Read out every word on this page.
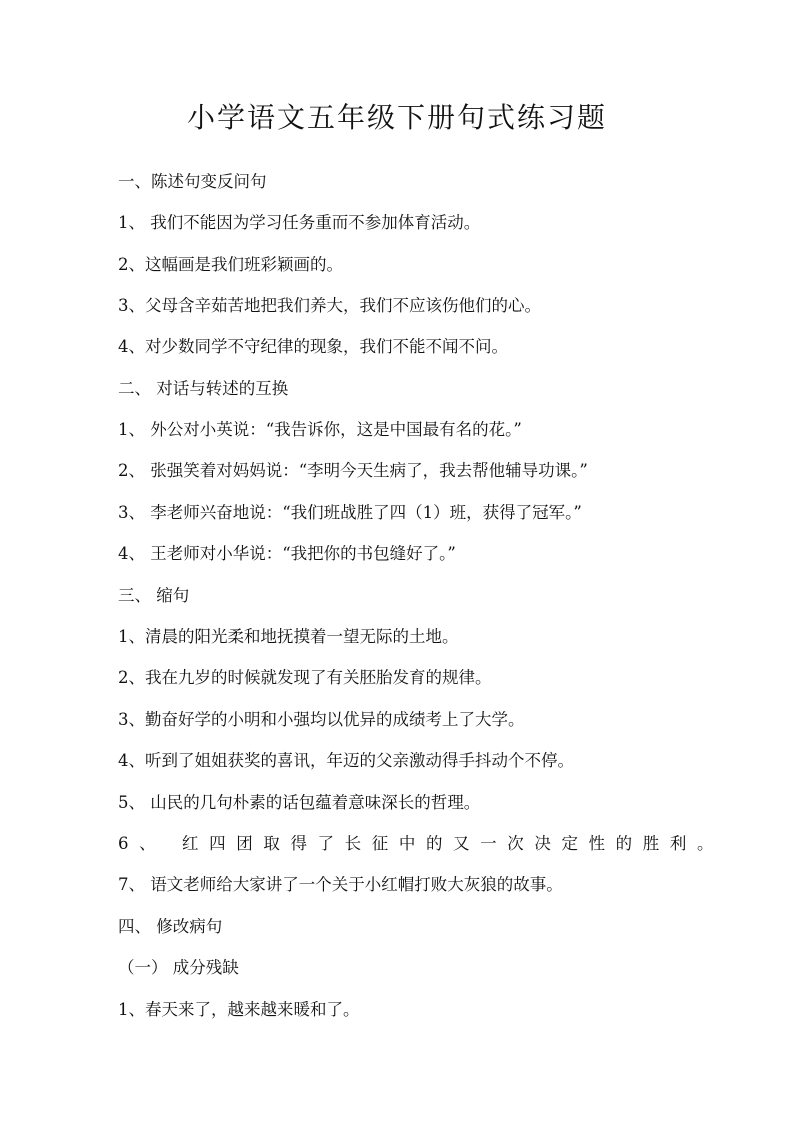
小学语文五年级下册句式练习题
一、陈述句变反问句
1、 我们不能因为学习任务重而不参加体育活动。
2、这幅画是我们班彩颖画的。
3、父母含辛茹苦地把我们养大，我们不应该伤他们的心。
4、对少数同学不守纪律的现象，我们不能不闻不问。
二、 对话与转述的互换
1、 外公对小英说：“我告诉你，这是中国最有名的花。”
2、 张强笑着对妈妈说：“李明今天生病了，我去帮他辅导功课。”
3、 李老师兴奋地说：“我们班战胜了四（1）班，获得了冠军。”
4、 王老师对小华说：“我把你的书包缝好了。”
三、 缩句
1、清晨的阳光柔和地抚摸着一望无际的土地。
2、我在九岁的时候就发现了有关胚胎发育的规律。
3、勤奋好学的小明和小强均以优异的成绩考上了大学。
4、听到了姐姐获奖的喜讯，年迈的父亲激动得手抖动个不停。
5、 山民的几句朴素的话包蕴着意味深长的哲理。
6、 红四团取得了长征中的又一次决定性的胜利。
7、 语文老师给大家讲了一个关于小红帽打败大灰狼的故事。
四、 修改病句
（一） 成分残缺
1、春天来了，越来越来暖和了。
